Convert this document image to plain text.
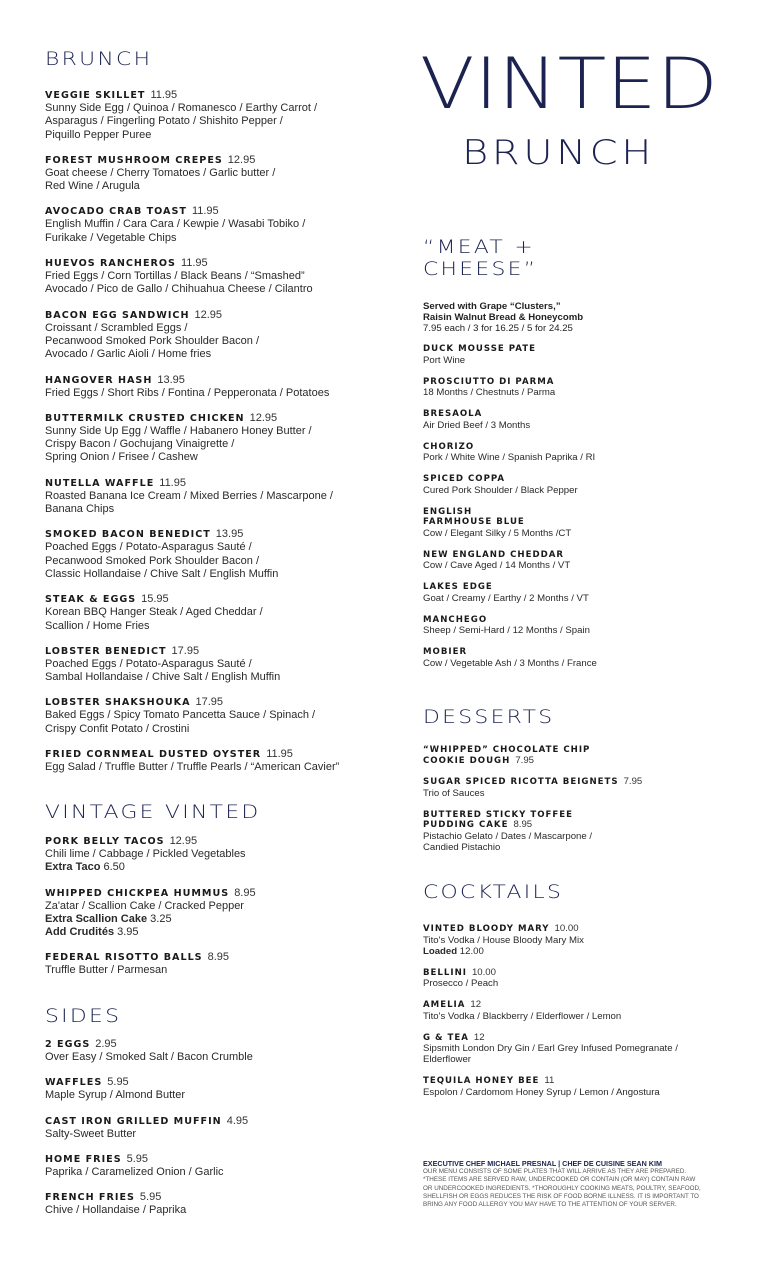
VINTED
BRUNCH
BRUNCH
VEGGIE SKILLET 11.95
Sunny Side Egg / Quinoa / Romanesco / Earthy Carrot /
Asparagus / Fingerling Potato / Shishito Pepper /
Piquillo Pepper Puree
FOREST MUSHROOM CREPES 12.95
Goat cheese / Cherry Tomatoes / Garlic butter /
Red Wine / Arugula
AVOCADO CRAB TOAST 11.95
English Muffin / Cara Cara / Kewpie / Wasabi Tobiko /
Furikake / Vegetable Chips
HUEVOS RANCHEROS 11.95
Fried Eggs / Corn Tortillas / Black Beans / “Smashed”
Avocado / Pico de Gallo / Chihuahua Cheese / Cilantro
BACON EGG SANDWICH 12.95
Croissant / Scrambled Eggs /
Pecanwood Smoked Pork Shoulder Bacon /
Avocado / Garlic Aioli / Home fries
HANGOVER HASH 13.95
Fried Eggs / Short Ribs / Fontina / Pepperonata / Potatoes
BUTTERMILK CRUSTED CHICKEN 12.95
Sunny Side Up Egg / Waffle / Habanero Honey Butter /
Crispy Bacon / Gochujang Vinaigrette /
Spring Onion / Frisee / Cashew
NUTELLA WAFFLE 11.95
Roasted Banana Ice Cream / Mixed Berries / Mascarpone /
Banana Chips
SMOKED BACON BENEDICT 13.95
Poached Eggs / Potato-Asparagus Sauté /
Pecanwood Smoked Pork Shoulder Bacon /
Classic Hollandaise / Chive Salt / English Muffin
STEAK & EGGS 15.95
Korean BBQ Hanger Steak / Aged Cheddar /
Scallion / Home Fries
LOBSTER BENEDICT 17.95
Poached Eggs / Potato-Asparagus Sauté /
Sambal Hollandaise / Chive Salt / English Muffin
LOBSTER SHAKSHOUKA 17.95
Baked Eggs / Spicy Tomato Pancetta Sauce / Spinach /
Crispy Confit Potato / Crostini
FRIED CORNMEAL DUSTED OYSTER 11.95
Egg Salad / Truffle Butter / Truffle Pearls / “American Cavier”
VINTAGE VINTED
PORK BELLY TACOS 12.95
Chili lime / Cabbage / Pickled Vegetables
Extra Taco 6.50
WHIPPED CHICKPEA HUMMUS 8.95
Za'atar / Scallion Cake / Cracked Pepper
Extra Scallion Cake 3.25
Add Crudités 3.95
FEDERAL RISOTTO BALLS 8.95
Truffle Butter / Parmesan
SIDES
2 EGGS 2.95
Over Easy / Smoked Salt / Bacon Crumble
WAFFLES 5.95
Maple Syrup / Almond Butter
CAST IRON GRILLED MUFFIN 4.95
Salty-Sweet Butter
HOME FRIES 5.95
Paprika / Caramelized Onion / Garlic
FRENCH FRIES 5.95
Chive / Hollandaise / Paprika
“MEAT +
CHEESE”
Served with Grape “Clusters,”
Raisin Walnut Bread & Honeycomb
7.95 each / 3 for 16.25 / 5 for 24.25
DUCK MOUSSE PATE
Port Wine
PROSCIUTTO DI PARMA
18 Months / Chestnuts / Parma
BRESAOLA
Air Dried Beef / 3 Months
CHORIZO
Pork / White Wine / Spanish Paprika / RI
SPICED COPPA
Cured Pork Shoulder / Black Pepper
ENGLISH
FARMHOUSE BLUE
Cow / Elegant Silky / 5 Months /CT
NEW ENGLAND CHEDDAR
Cow / Cave Aged / 14 Months / VT
LAKES EDGE
Goat / Creamy / Earthy / 2 Months / VT
MANCHEGO
Sheep / Semi-Hard / 12 Months / Spain
MOBIER
Cow / Vegetable Ash / 3 Months / France
DESSERTS
“WHIPPED” CHOCOLATE CHIP
COOKIE DOUGH 7.95
SUGAR SPICED RICOTTA BEIGNETS 7.95
Trio of Sauces
BUTTERED STICKY TOFFEE
PUDDING CAKE 8.95
Pistachio Gelato / Dates / Mascarpone /
Candied Pistachio
COCKTAILS
VINTED BLOODY MARY 10.00
Tito's Vodka / House Bloody Mary Mix
Loaded 12.00
BELLINI 10.00
Prosecco / Peach
AMELIA 12
Tito's Vodka / Blackberry / Elderflower / Lemon
G & TEA 12
Sipsmith London Dry Gin / Earl Grey Infused Pomegranate /
Elderflower
TEQUILA HONEY BEE 11
Espolon / Cardomom Honey Syrup / Lemon / Angostura
EXECUTIVE CHEF MICHAEL PRESNAL | CHEF DE CUISINE SEAN KIM
OUR MENU CONSISTS OF SOME PLATES THAT WILL ARRIVE AS THEY ARE PREPARED.
*THESE ITEMS ARE SERVED RAW, UNDERCOOKED OR CONTAIN (OR MAY) CONTAIN RAW
OR UNDERCOOKED INGREDIENTS. *THOROUGHLY COOKING MEATS, POULTRY, SEAFOOD,
SHELLFISH OR EGGS REDUCES THE RISK OF FOOD BORNE ILLNESS. IT IS IMPORTANT TO
BRING ANY FOOD ALLERGY YOU MAY HAVE TO THE ATTENTION OF YOUR SERVER.
